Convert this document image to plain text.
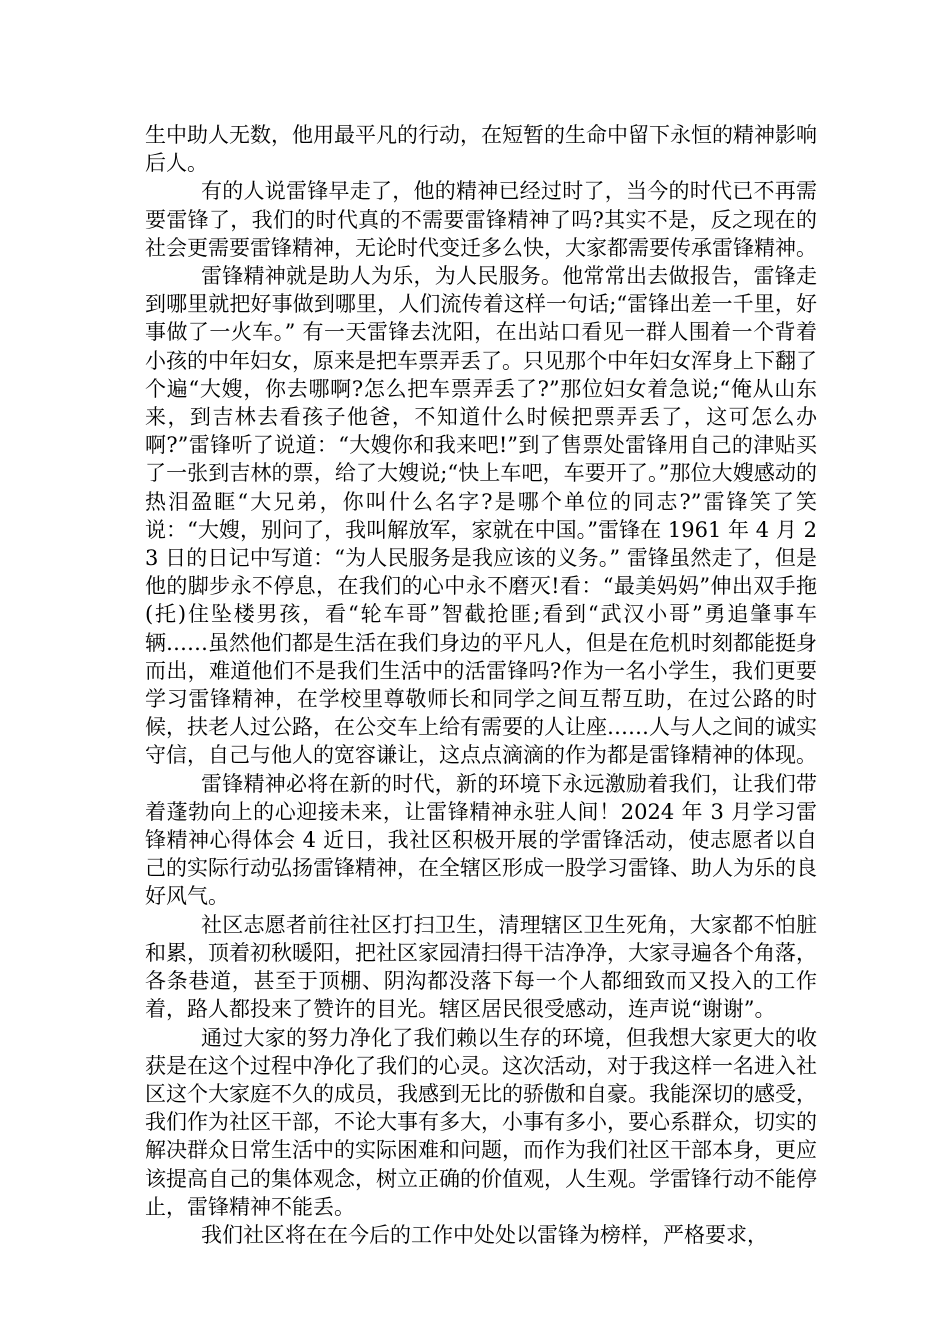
生中助人无数，他用最平凡的行动，在短暂的生命中留下永恒的精神影响后人。

有的人说雷锋早走了，他的精神已经过时了，当今的时代已不再需要雷锋了，我们的时代真的不需要雷锋精神了吗?其实不是，反之现在的社会更需要雷锋精神，无论时代变迁多么快，大家都需要传承雷锋精神。

雷锋精神就是助人为乐，为人民服务。他常常出去做报告，雷锋走到哪里就把好事做到哪里，人们流传着这样一句话;“雷锋出差一千里，好事做了一火车。” 有一天雷锋去沈阳，在出站口看见一群人围着一个背着小孩的中年妇女，原来是把车票弄丢了。只见那个中年妇女浑身上下翻了个遍“大嫂，你去哪啊?怎么把车票弄丢了?”那位妇女着急说;“俺从山东来，到吉林去看孩子他爸，不知道什么时候把票弄丢了，这可怎么办啊?”雷锋听了说道：“大嫂你和我来吧!”到了售票处雷锋用自己的津贴买了一张到吉林的票，给了大嫂说;“快上车吧，车要开了。”那位大嫂感动的热泪盈眶“大兄弟，你叫什么名字?是哪个单位的同志?”雷锋笑了笑说：“大嫂，别问了，我叫解放军，家就在中国。”雷锋在 1961 年 4 月 23 日的日记中写道：“为人民服务是我应该的义务。” 雷锋虽然走了，但是他的脚步永不停息，在我们的心中永不磨灭!看：“最美妈妈”伸出双手拖(托)住坠楼男孩，看“轮车哥”智截抢匪;看到“武汉小哥”勇追肇事车辆……虽然他们都是生活在我们身边的平凡人，但是在危机时刻都能挺身而出，难道他们不是我们生活中的活雷锋吗?作为一名小学生，我们更要学习雷锋精神，在学校里尊敬师长和同学之间互帮互助，在过公路的时候，扶老人过公路，在公交车上给有需要的人让座……人与人之间的诚实守信，自己与他人的宽容谦让，这点点滴滴的作为都是雷锋精神的体现。

雷锋精神必将在新的时代，新的环境下永远激励着我们，让我们带着蓬勃向上的心迎接未来，让雷锋精神永驻人间！2024 年 3 月学习雷锋精神心得体会 4 近日，我社区积极开展的学雷锋活动，使志愿者以自己的实际行动弘扬雷锋精神，在全辖区形成一股学习雷锋、助人为乐的良好风气。

社区志愿者前往社区打扫卫生，清理辖区卫生死角，大家都不怕脏和累，顶着初秋暖阳，把社区家园清扫得干洁净净，大家寻遍各个角落，各条巷道，甚至于顶棚、阴沟都没落下每一个人都细致而又投入的工作着，路人都投来了赞许的目光。辖区居民很受感动，连声说“谢谢”。

通过大家的努力净化了我们赖以生存的环境，但我想大家更大的收获是在这个过程中净化了我们的心灵。这次活动，对于我这样一名进入社区这个大家庭不久的成员，我感到无比的骄傲和自豪。我能深切的感受，我们作为社区干部，不论大事有多大，小事有多小，要心系群众，切实的解决群众日常生活中的实际困难和问题，而作为我们社区干部本身，更应该提高自己的集体观念，树立正确的价值观，人生观。学雷锋行动不能停止，雷锋精神不能丢。

我们社区将在在今后的工作中处处以雷锋为榜样，严格要求，
